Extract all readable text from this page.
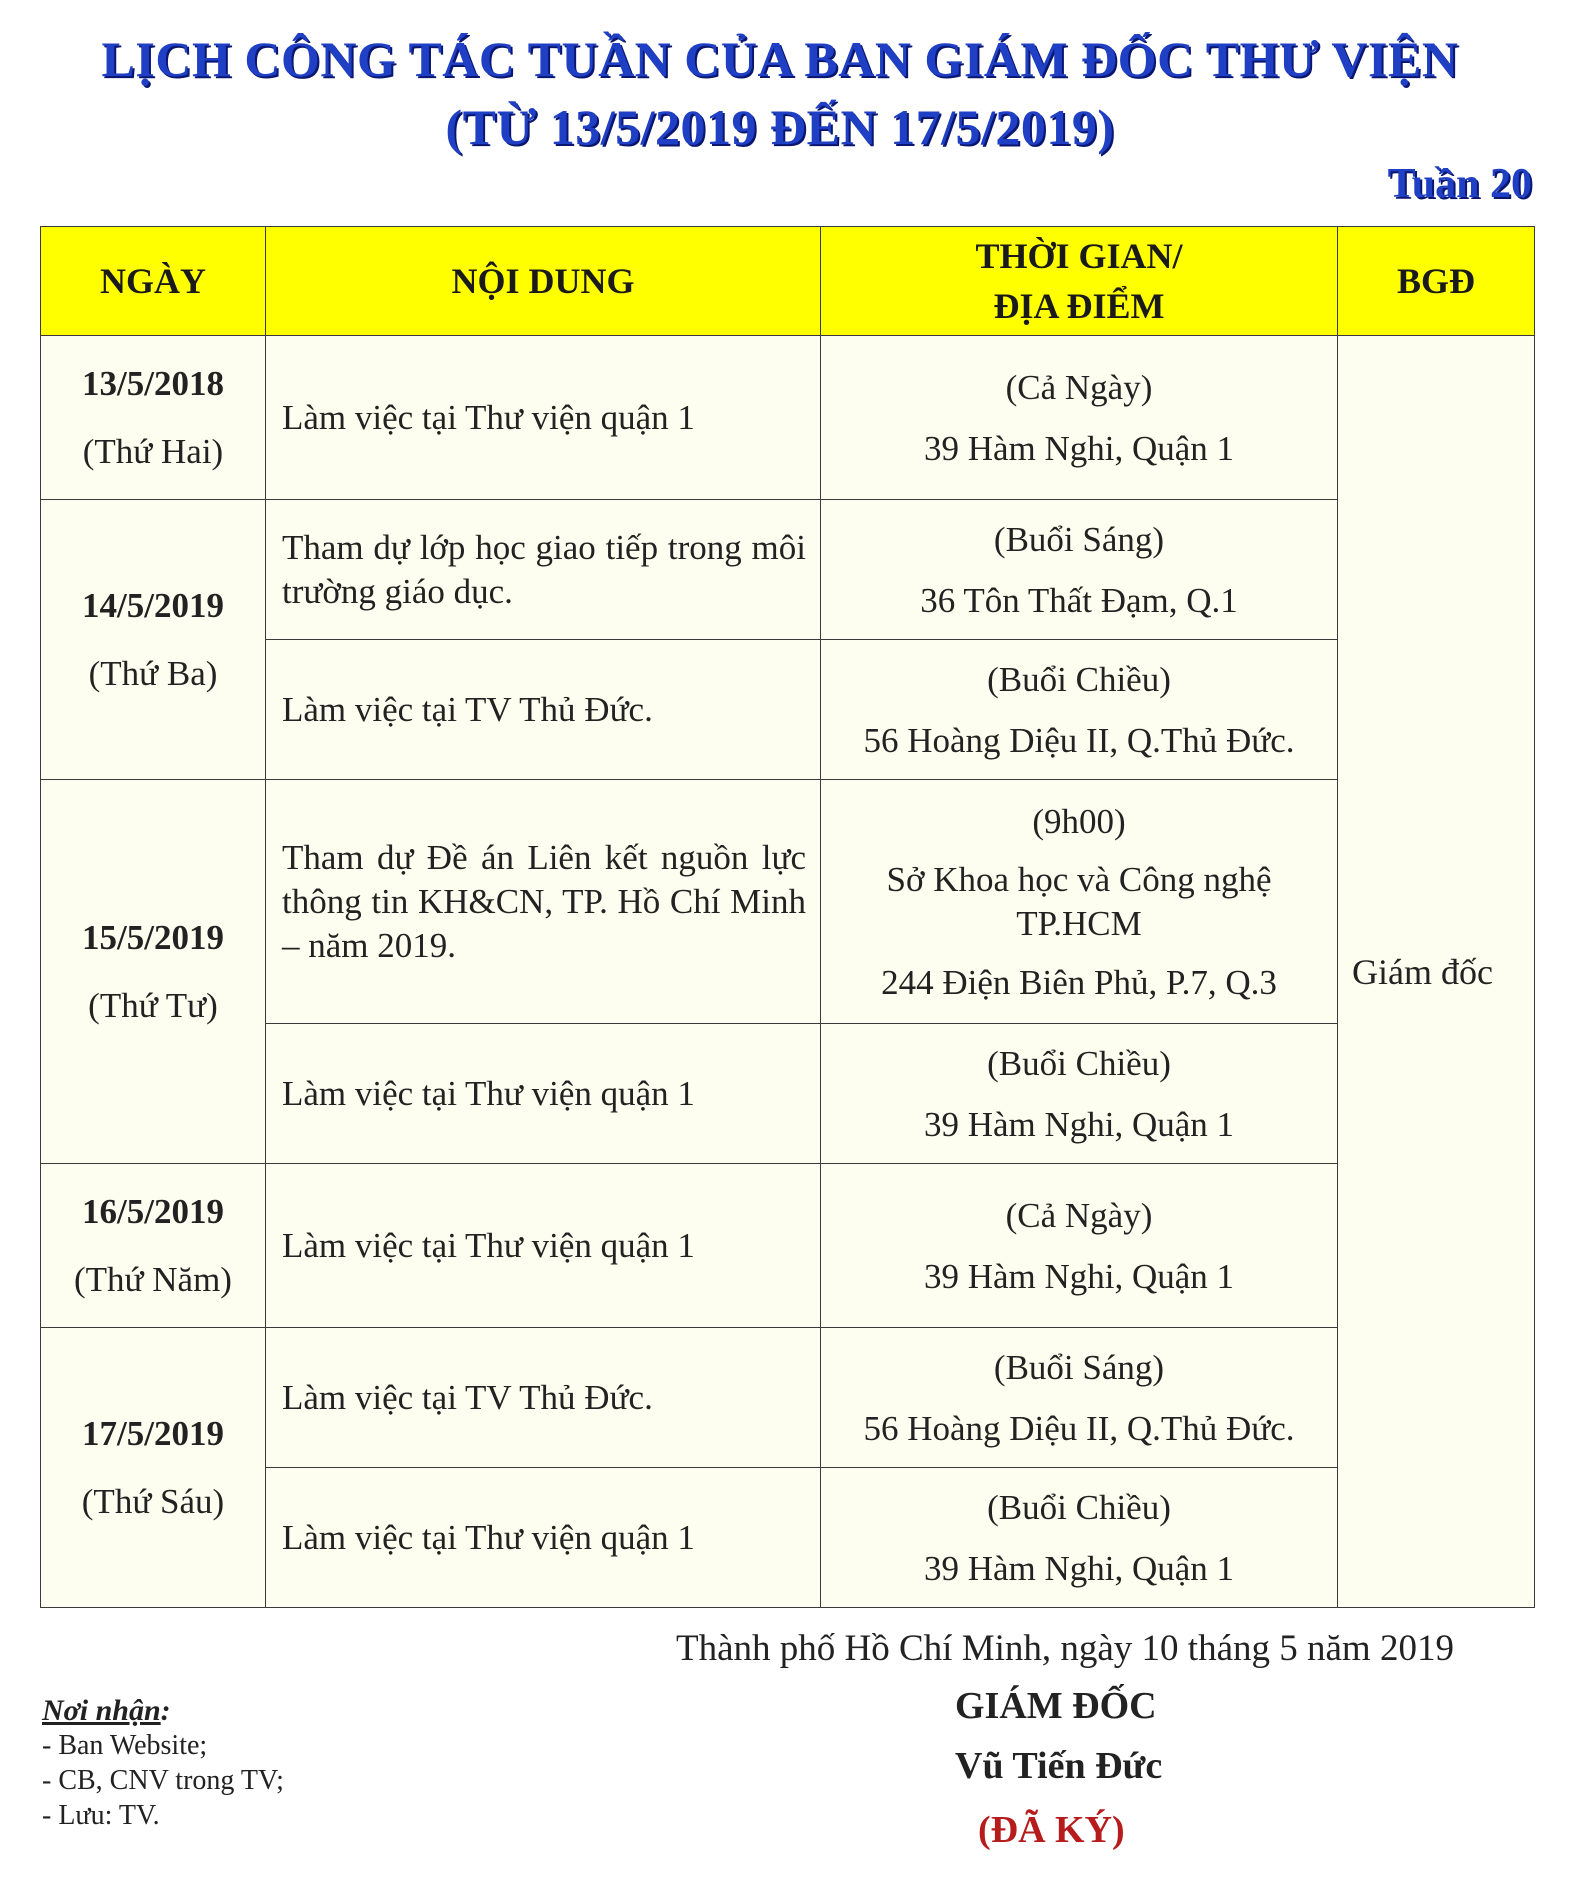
LỊCH CÔNG TÁC TUẦN CỦA BAN GIÁM ĐỐC THƯ VIỆN
(TỪ 13/5/2019 ĐẾN 17/5/2019)
Tuần 20
NGÀY	NỘI DUNG	THỜI GIAN/
ĐỊA ĐIỂM	BGĐ

13/5/2018
(Thứ Hai)	Làm việc tại Thư viện quận 1	(Cả Ngày)
39 Hàm Nghi, Quận 1	Giám đốc

14/5/2019
(Thứ Ba)	Tham dự lớp học giao tiếp trong môi trường giáo dục.	(Buổi Sáng)
36 Tôn Thất Đạm, Q.1	

	Làm việc tại TV Thủ Đức.	(Buổi Chiều)
56 Hoàng Diệu II, Q.Thủ Đức.	

15/5/2019
(Thứ Tư)	Tham dự Đề án Liên kết nguồn lực thông tin KH&CN, TP. Hồ Chí Minh – năm 2019.	(9h00)
Sở Khoa học và Công nghệ TP.HCM
244 Điện Biên Phủ, P.7, Q.3	

	Làm việc tại Thư viện quận 1	(Buổi Chiều)
39 Hàm Nghi, Quận 1	

16/5/2019
(Thứ Năm)	Làm việc tại Thư viện quận 1	(Cả Ngày)
39 Hàm Nghi, Quận 1	

17/5/2019
(Thứ Sáu)	Làm việc tại TV Thủ Đức.	(Buổi Sáng)
56 Hoàng Diệu II, Q.Thủ Đức.	

	Làm việc tại Thư viện quận 1	(Buổi Chiều)
39 Hàm Nghi, Quận 1	
Thành phố Hồ Chí Minh, ngày 10 tháng 5 năm 2019
GIÁM ĐỐC
Vũ Tiến Đức
(ĐÃ KÝ)
Nơi nhận:
- Ban Website;
- CB, CNV trong TV;
- Lưu: TV.
